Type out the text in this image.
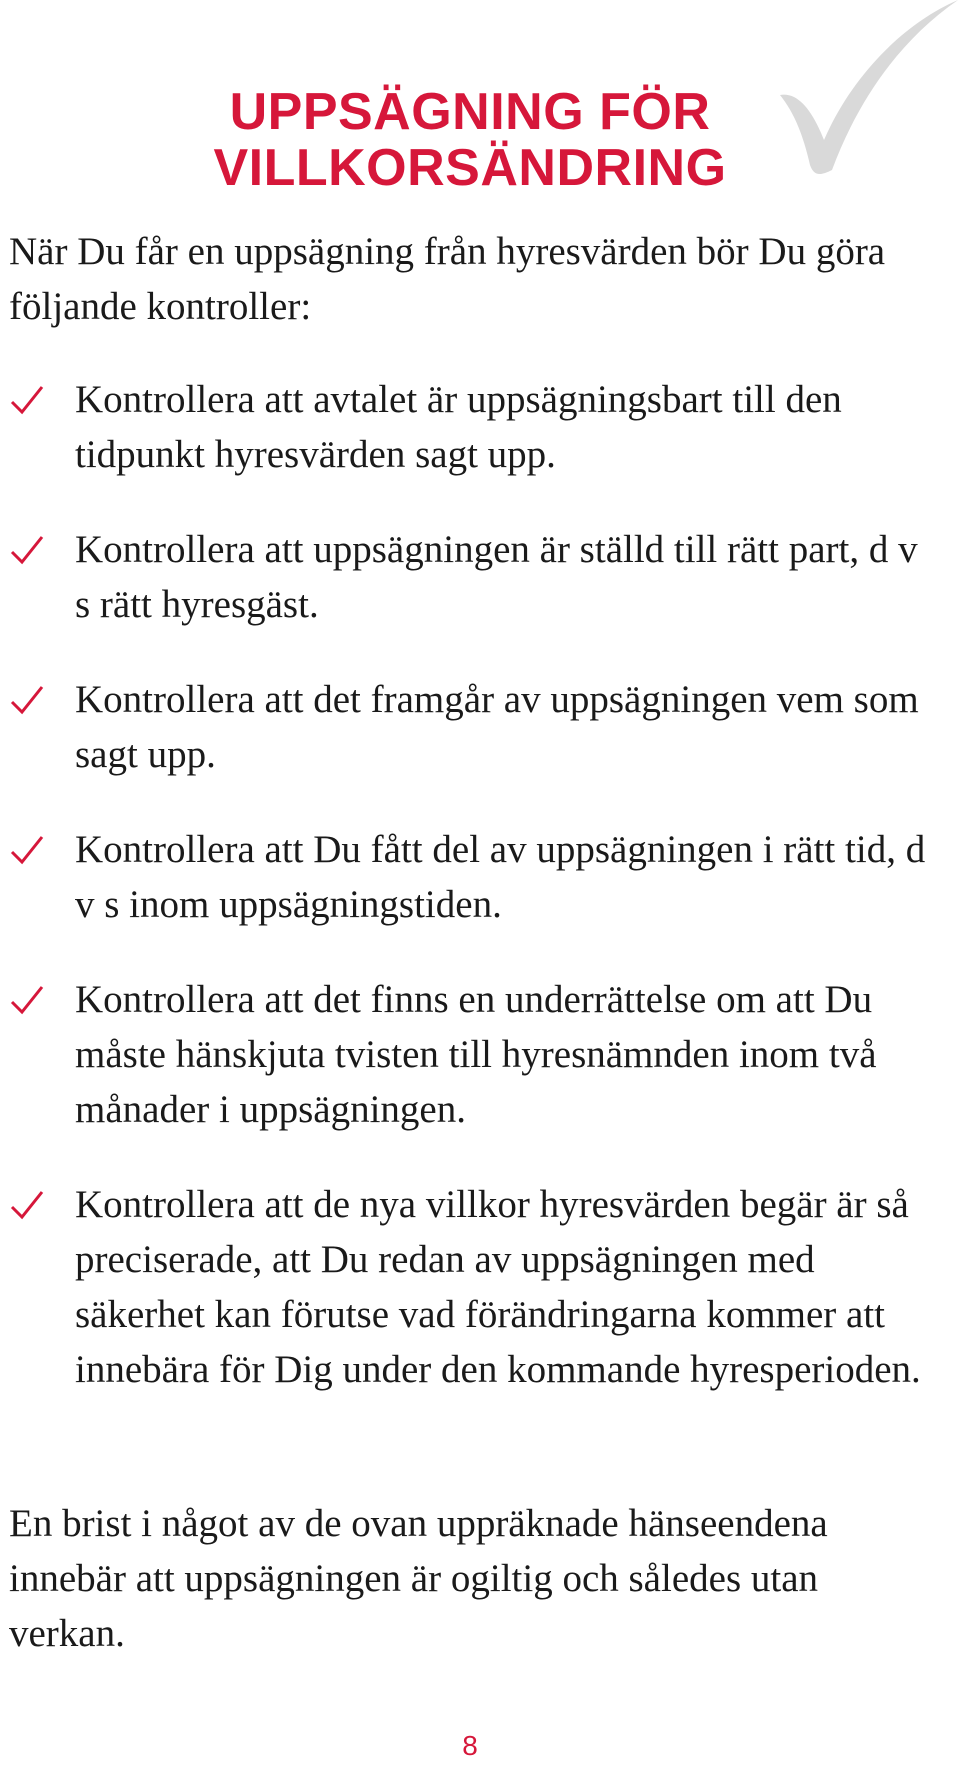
UPPSÄGNING FÖR
VILLKORSÄNDRING

När Du får en uppsägning från hyresvärden bör Du göra följande kontroller:

Kontrollera att avtalet är uppsägningsbart till den tidpunkt hyresvärden sagt upp.
Kontrollera att uppsägningen är ställd till rätt part, d v s rätt hyresgäst.
Kontrollera att det framgår av uppsägningen vem som sagt upp.
Kontrollera att Du fått del av uppsägningen i rätt tid, d v s inom uppsägningstiden.
Kontrollera att det finns en underrättelse om att Du måste hänskjuta tvisten till hyresnämnden inom två månader i uppsägningen.
Kontrollera att de nya villkor hyresvärden begär är så preciserade, att Du redan av uppsägningen med säkerhet kan förutse vad förändringarna kommer att innebära för Dig under den kommande hyresperioden.

En brist i något av de ovan uppräknade hänseendena innebär att uppsägningen är ogiltig och således utan verkan.

8
